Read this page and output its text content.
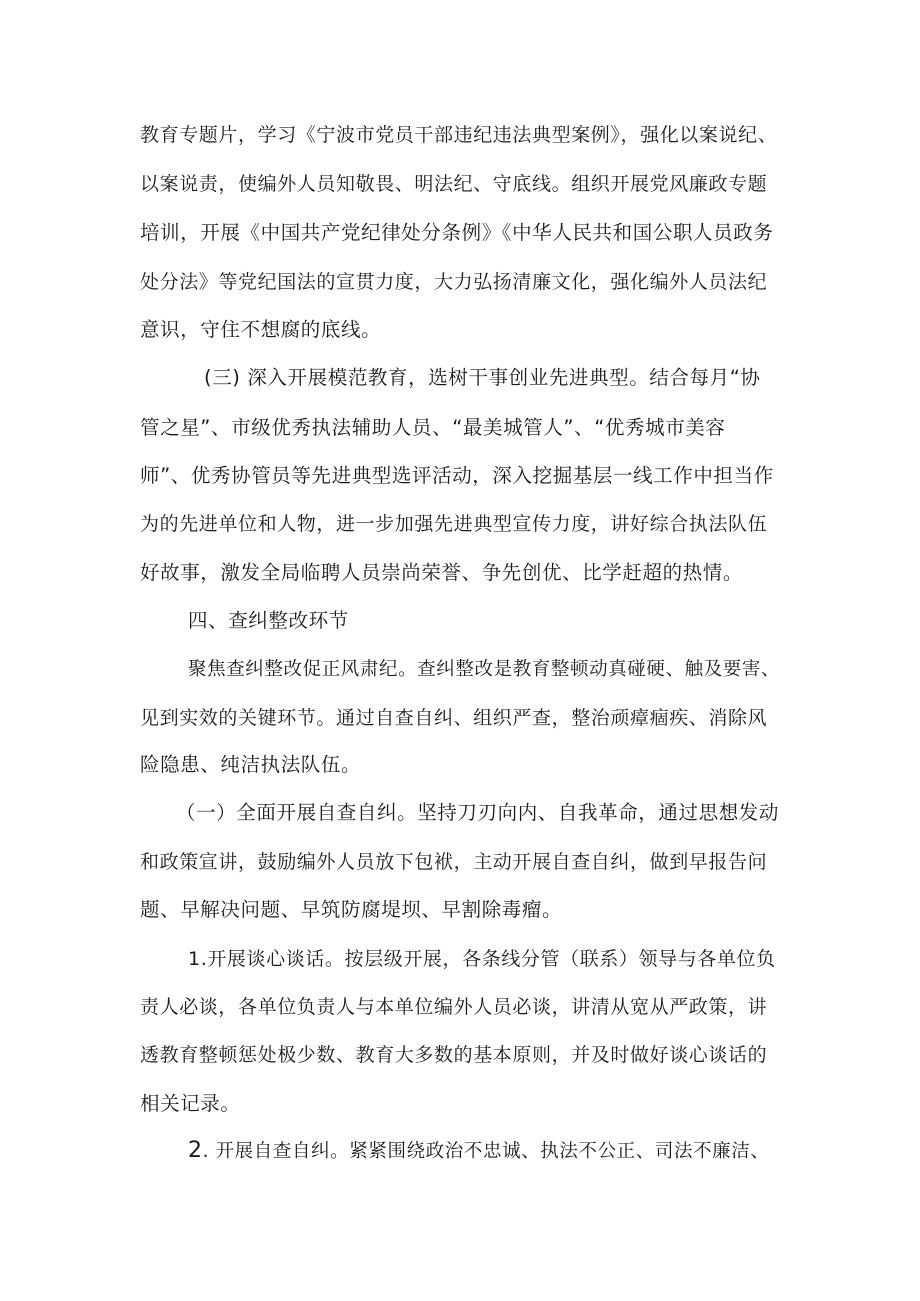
教育专题片，学习《宁波市党员干部违纪违法典型案例》，强化以案说纪、
以案说责，使编外人员知敬畏、明法纪、守底线。组织开展党风廉政专题
培训，开展《中国共产党纪律处分条例》《中华人民共和国公职人员政务
处分法》等党纪国法的宣贯力度，大力弘扬清廉文化，强化编外人员法纪
意识，守住不想腐的底线。
(三) 深入开展模范教育，选树干事创业先进典型。结合每月“协
管之星”、市级优秀执法辅助人员、“最美城管人”、“优秀城市美容
师”、优秀协管员等先进典型选评活动，深入挖掘基层一线工作中担当作
为的先进单位和人物，进一步加强先进典型宣传力度，讲好综合执法队伍
好故事，激发全局临聘人员崇尚荣誉、争先创优、比学赶超的热情。
四、查纠整改环节
聚焦查纠整改促正风肃纪。查纠整改是教育整顿动真碰硬、触及要害、
见到实效的关键环节。通过自查自纠、组织严查，整治顽瘴痼疾、消除风
险隐患、纯洁执法队伍。
（一）全面开展自查自纠。坚持刀刃向内、自我革命，通过思想发动
和政策宣讲，鼓励编外人员放下包袱，主动开展自查自纠，做到早报告问
题、早解决问题、早筑防腐堤坝、早割除毒瘤。
1.开展谈心谈话。按层级开展，各条线分管（联系）领导与各单位负
责人必谈，各单位负责人与本单位编外人员必谈，讲清从宽从严政策，讲
透教育整顿惩处极少数、教育大多数的基本原则，并及时做好谈心谈话的
相关记录。
2. 开展自查自纠。紧紧围绕政治不忠诚、执法不公正、司法不廉洁、
